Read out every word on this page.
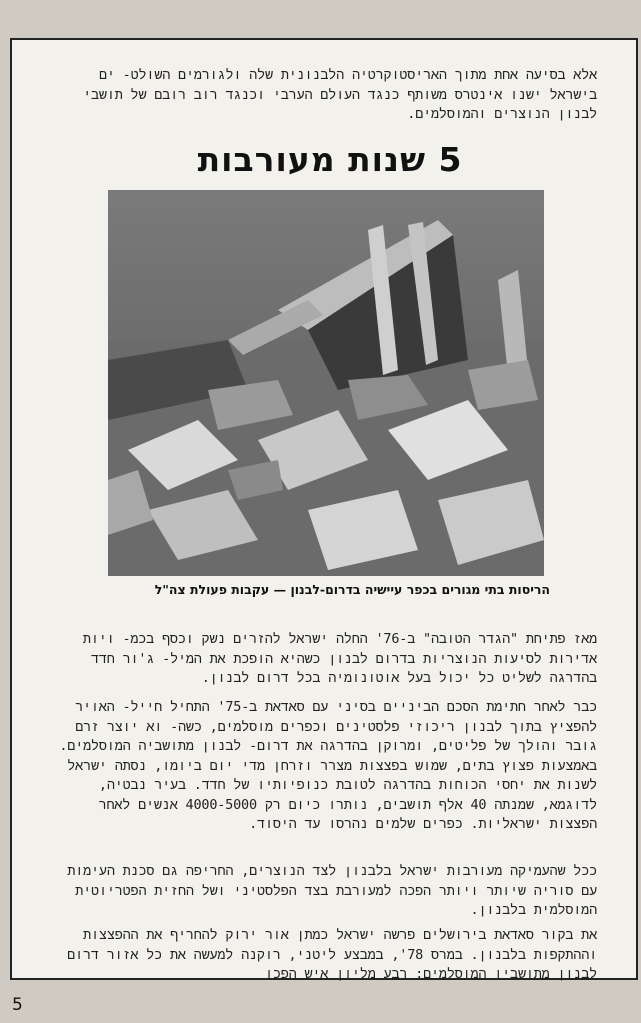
אלא בסיעה אחת מתוך האריסטוקרטיה הלבנונית שלה ולגורמים השולט- ים בישראל ישנו אינטרס משותף כנגד העולם הערבי וכנגד רוב רובם של תושבי לבנון הנוצרים והמוסלמים.

5 שנות מעורבות

הריסות בתי מגורים בכפר עיישיה בדרום-לבנון — עקבות פעולת צה"ל

מאז פתיחת "הגדר הטובה" ב-76' החלה ישראל להזרים נשק וכסף בכמ- ויות אדירות לסיעות הנוצריות בדרום לבנון כשהיא הופכת את המיל- ג'ור חדד בהדרגה לשליט כל יכול בעל אוטונומיה בכל דרום לבנון.

כבר לאחר חתימת הסכם הביניים בסיני עם סאדאת ב-75' התחיל חייל- האויר להפציץ בתוך לבנון ריכוזי פלסטינים וכפרים מוסלמים, כשה- וא יוצר זרם גובר והולך של פליטים, ומרוקן בהדרגה את דרום- לבנון מתושביה המוסלמים. באמצעות פצוץ בתים, שמוש בפצצות מצרר וזרחן מדי יום ביומו, נסתה ישראל לשנות את יחסי הכוחות בהדרגה לטובת כנופיותיו של חדד. בעיר נבטיה, לדוגמא, שמנתה 40 אלף תושבים, נותרו כיום רק 4000-5000 אנשים לאחר הפצצות ישראליות. כפרים שלמים נהרסו עד היסוד.

ככל שהעמיקה מעורבות ישראל בלבנון לצד הנוצרים, החריפה גם סכנת העימות עם סוריה שיותר ויותר הפכה למעורבת בצד הפלסטיני ושל החזית הפטריוטית המוסלמית בלבנון.

את בקור סאדאת בירושלים פרשה ישראל כמתן אור ירוק להחריף את ההפצצות וההתקפות בלבנון. במרס 78', במבצע ליטני, רוקנה למעשה את כל אזור דרום לבנון מתושביו המוסלמים; רבע מליון איש הפכו

5
